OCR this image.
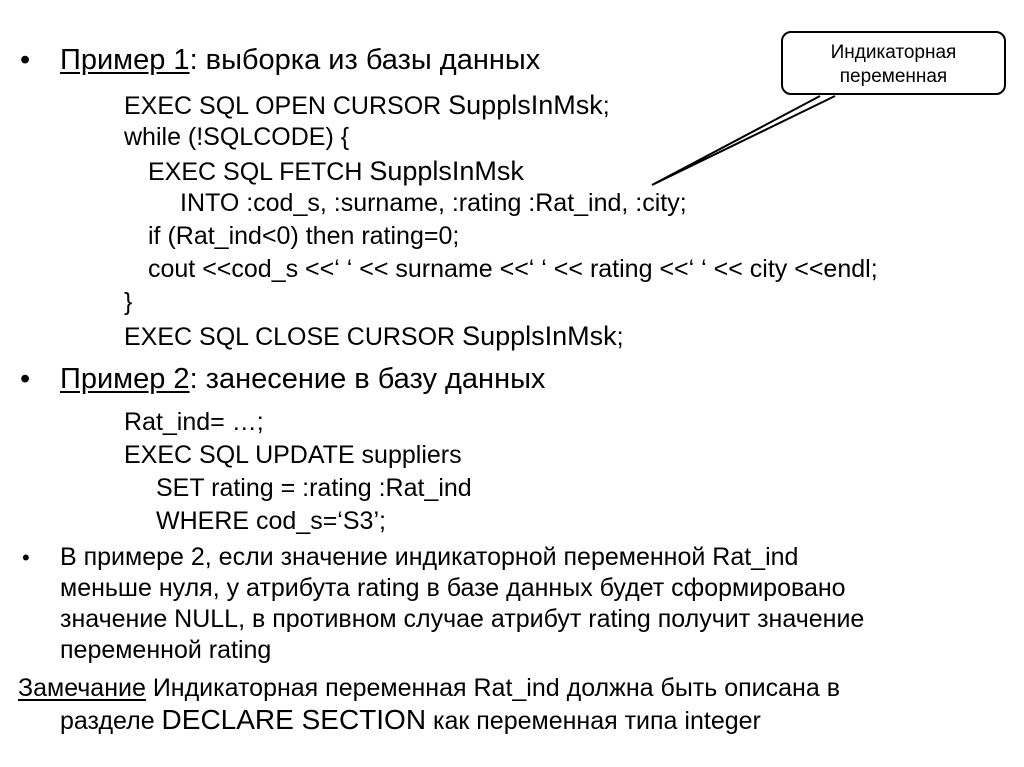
Индикаторная
переменная
• Пример 1: выборка из базы данных
EXEC SQL OPEN CURSOR SupplsInMsk;
while (!SQLCODE) {
EXEC SQL FETCH SupplsInMsk
INTO :cod_s, :surname, :rating :Rat_ind, :city;
if (Rat_ind<0) then rating=0;
cout <<cod_s <<‘ ‘ << surname <<‘ ‘ << rating <<‘ ‘ << city <<endl;
}
EXEC SQL CLOSE CURSOR SupplsInMsk;
• Пример 2: занесение в базу данных
Rat_ind= …;
EXEC SQL UPDATE suppliers
SET rating = :rating :Rat_ind
WHERE cod_s=‘S3’;
• В примере 2, если значение индикаторной переменной Rat_ind
меньше нуля, у атрибута rating в базе данных будет сформировано
значение NULL, в противном случае атрибут rating получит значение
переменной rating
Замечание Индикаторная переменная Rat_ind должна быть описана в
разделе DECLARE SECTION как переменная типа integer
